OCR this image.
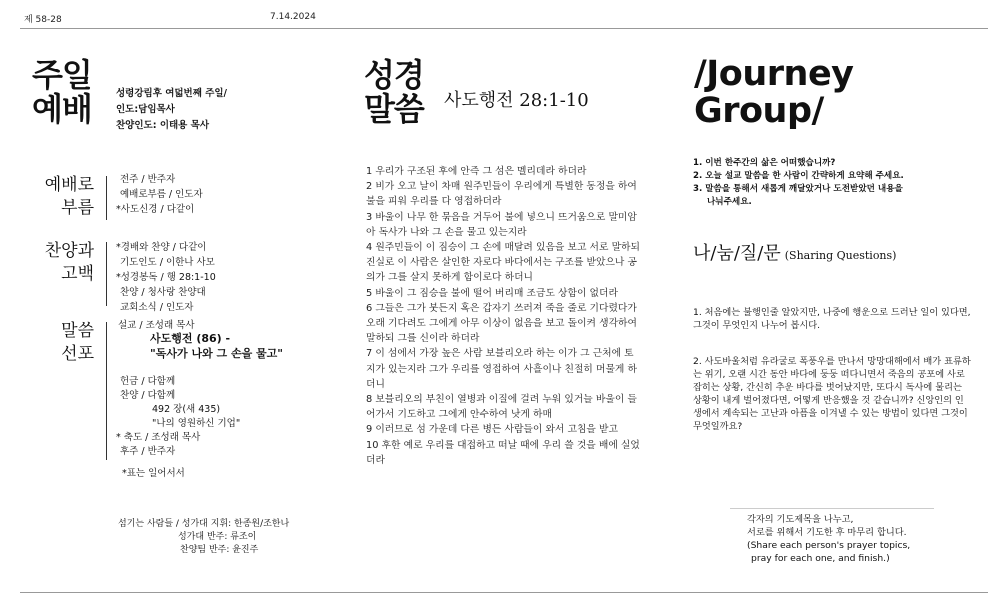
제 58-28	7.14.2024
주일
예배	성령강림후 여덟번째 주일/
인도:담임목사
찬양인도: 이태용 목사
예배로
부름
전주 / 반주자
예배로부름 / 인도자
*사도신경 / 다같이
찬양과
고백
*경배와 찬양 / 다같이
기도인도 / 이한나 사모
*성경봉독 / 행 28:1-10
찬양 / 청사랑 찬양대
교회소식 / 인도자
말씀
선포
설교 / 조성래 목사
사도행전 (86) -
"독사가 나와 그 손을 물고"
헌금 / 다함께
찬양 / 다함께
492 장(새 435)
"나의 영원하신 기업"
* 축도 / 조성래 목사
후주 / 반주자
*표는 일어서서
섬기는 사람들 / 성가대 지휘: 한종원/조한나
성가대 반주: 류조이
찬양팀 반주: 윤진주
성경
말씀	사도행전 28:1-10

1 우리가 구조된 후에 안즉 그 섬은 멜리데라 하더라

2 비가 오고 날이 차매 원주민들이 우리에게 특별한 동정을 하여 불을 피워 우리를 다 영접하더라

3 바울이 나무 한 묶음을 거두어 불에 넣으니 뜨거움으로 말미암아 독사가 나와 그 손을 물고 있는지라

4 원주민들이 이 짐승이 그 손에 매달려 있음을 보고 서로 말하되 진실로 이 사람은 살인한 자로다 바다에서는 구조를 받았으나 공의가 그를 살지 못하게 함이로다 하더니

5 바울이 그 짐승을 불에 떨어 버리매 조금도 상함이 없더라

6 그들은 그가 붓든지 혹은 갑자기 쓰러져 죽을 줄로 기다렸다가 오래 기다려도 그에게 아무 이상이 없음을 보고 돌이켜 생각하여 말하되 그를 신이라 하더라

7 이 섬에서 가장 높은 사람 보블리오라 하는 이가 그 근처에 토지가 있는지라 그가 우리를 영접하여 사흘이나 친절히 머물게 하더니

8 보블리오의 부친이 열병과 이질에 걸려 누워 있거늘 바울이 들어가서 기도하고 그에게 안수하여 낫게 하매

9 이러므로 섬 가운데 다른 병든 사람들이 와서 고침을 받고

10 후한 예로 우리를 대접하고 떠날 때에 우리 쓸 것을 배에 실었더라

/Journey
Group/
1. 이번 한주간의 삶은 어떠했습니까?
2. 오늘 설교 말씀을 한 사람이 간략하게 요약해 주세요.
3. 말씀을 통해서 새롭게 깨달았거나 도전받았던 내용을
나눠주세요.
나/눔/질/문 (Sharing Questions)
1. 처음에는 불행인줄 알았지만, 나중에 행운으로 드러난 일이 있다면, 그것이 무엇인지 나누어 봅시다.
2. 사도바울처럼 유라굴로 폭풍우를 만나서 망망대해에서 배가 표류하는 위기, 오랜 시간 동안 바다에 둥둥 떠다니면서 죽음의 공포에 사로잡히는 상황, 간신히 추운 바다를 벗어났지만, 또다시 독사에 물리는 상황이 내게 벌어졌다면, 어떻게 반응했을 것 같습니까? 신앙인의 인생에서 계속되는 고난과 아픔을 이겨낼 수 있는 방법이 있다면 그것이 무엇일까요?
각자의 기도제목을 나누고,
서로를 위해서 기도한 후 마무리 합니다.
(Share each person's prayer topics,
pray for each one, and finish.)
